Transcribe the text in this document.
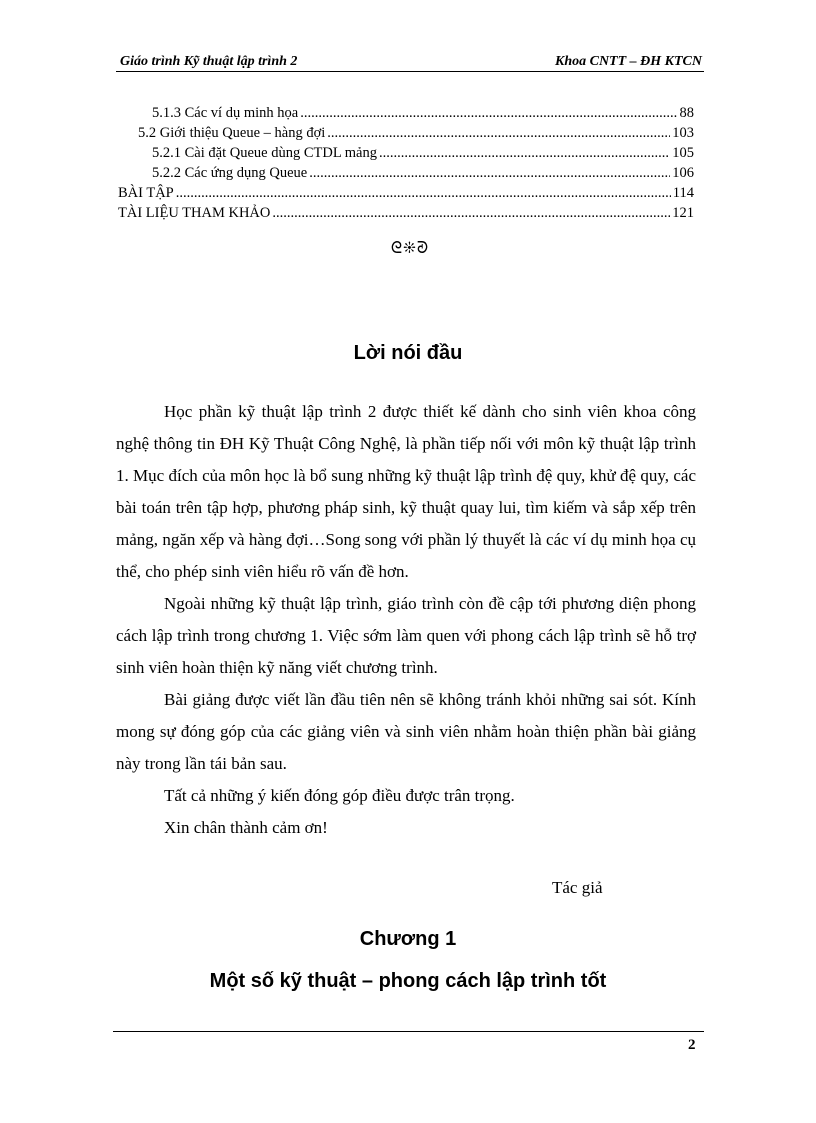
Giáo trình Kỹ thuật lập trình 2	Khoa CNTT – ĐH KTCN
5.1.3 Các ví dụ minh họa .....	88
5.2 Giới thiệu Queue – hàng đợi .....	103
5.2.1 Cài đặt Queue dùng CTDL mảng .....	105
5.2.2 Các ứng dụng Queue .....	106
BÀI TẬP .....	114
TÀI LIỆU THAM KHẢO .....	121
ᘓ❊ᘑ
Lời nói đầu

Học phần kỹ thuật lập trình 2 được thiết kế dành cho sinh viên khoa công nghệ thông tin ĐH Kỹ Thuật Công Nghệ, là phần tiếp nối với môn kỹ thuật lập trình 1. Mục đích của môn học là bổ sung những kỹ thuật lập trình đệ quy, khử đệ quy, các bài toán trên tập hợp, phương pháp sinh, kỹ thuật quay lui, tìm kiếm và sắp xếp trên mảng, ngăn xếp và hàng đợi…Song song với phần lý thuyết là các ví dụ minh họa cụ thể, cho phép sinh viên hiểu rõ vấn đề hơn.

Ngoài những kỹ thuật lập trình, giáo trình còn đề cập tới phương diện phong cách lập trình trong chương 1. Việc sớm làm quen với phong cách lập trình sẽ hỗ trợ sinh viên hoàn thiện kỹ năng viết chương trình.

Bài giảng được viết lần đầu tiên nên sẽ không tránh khỏi những sai sót. Kính mong sự đóng góp của các giảng viên và sinh viên nhằm hoàn thiện phần bài giảng này trong lần tái bản sau.

Tất cả những ý kiến đóng góp điều được trân trọng.

Xin chân thành cảm ơn!

Tác giả
Chương 1
Một số kỹ thuật – phong cách lập trình tốt
2
